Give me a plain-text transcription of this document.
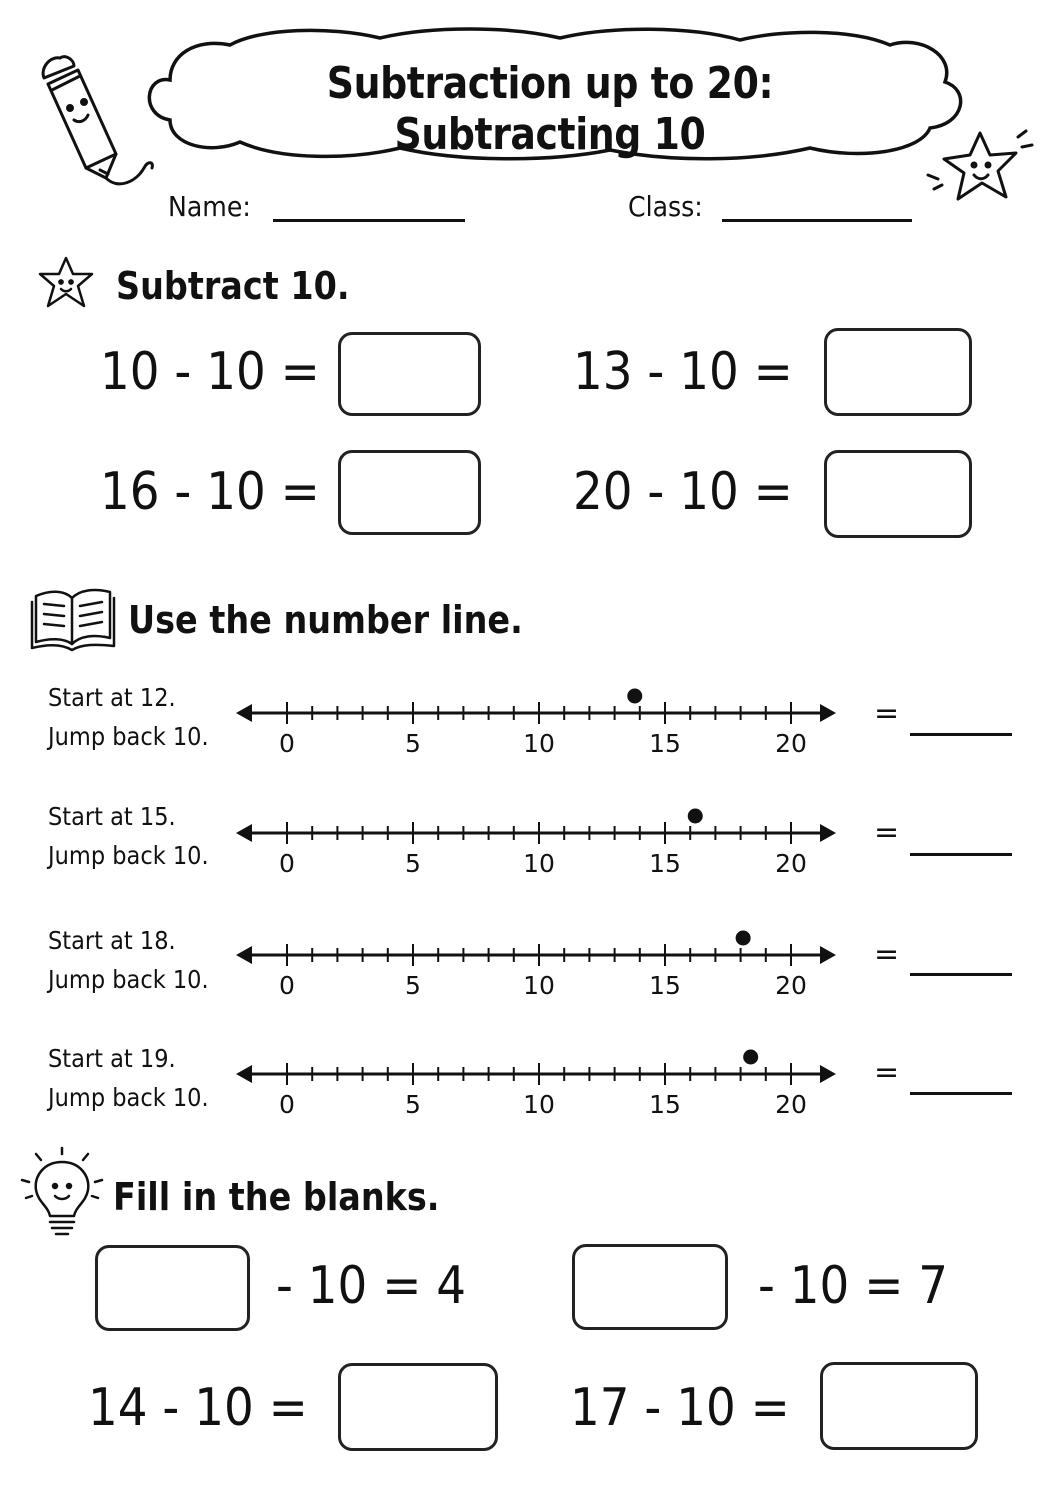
Subtraction up to 20: Subtracting 10
Name:	Class:
Subtract 10.
10 - 10 =	13 - 10 =
16 - 10 =	20 - 10 =
Use the number line.
Start at 12.
Jump back 10.	0	5	10	15	20
=
Start at 15.
Jump back 10.	0	5	10	15	20
=
Start at 18.
Jump back 10.	0	5	10	15	20
=
Start at 19.
Jump back 10.	0	5	10	15	20
=
Fill in the blanks.
- 10 = 4	- 10 = 7
14 - 10 =	17 - 10 =
